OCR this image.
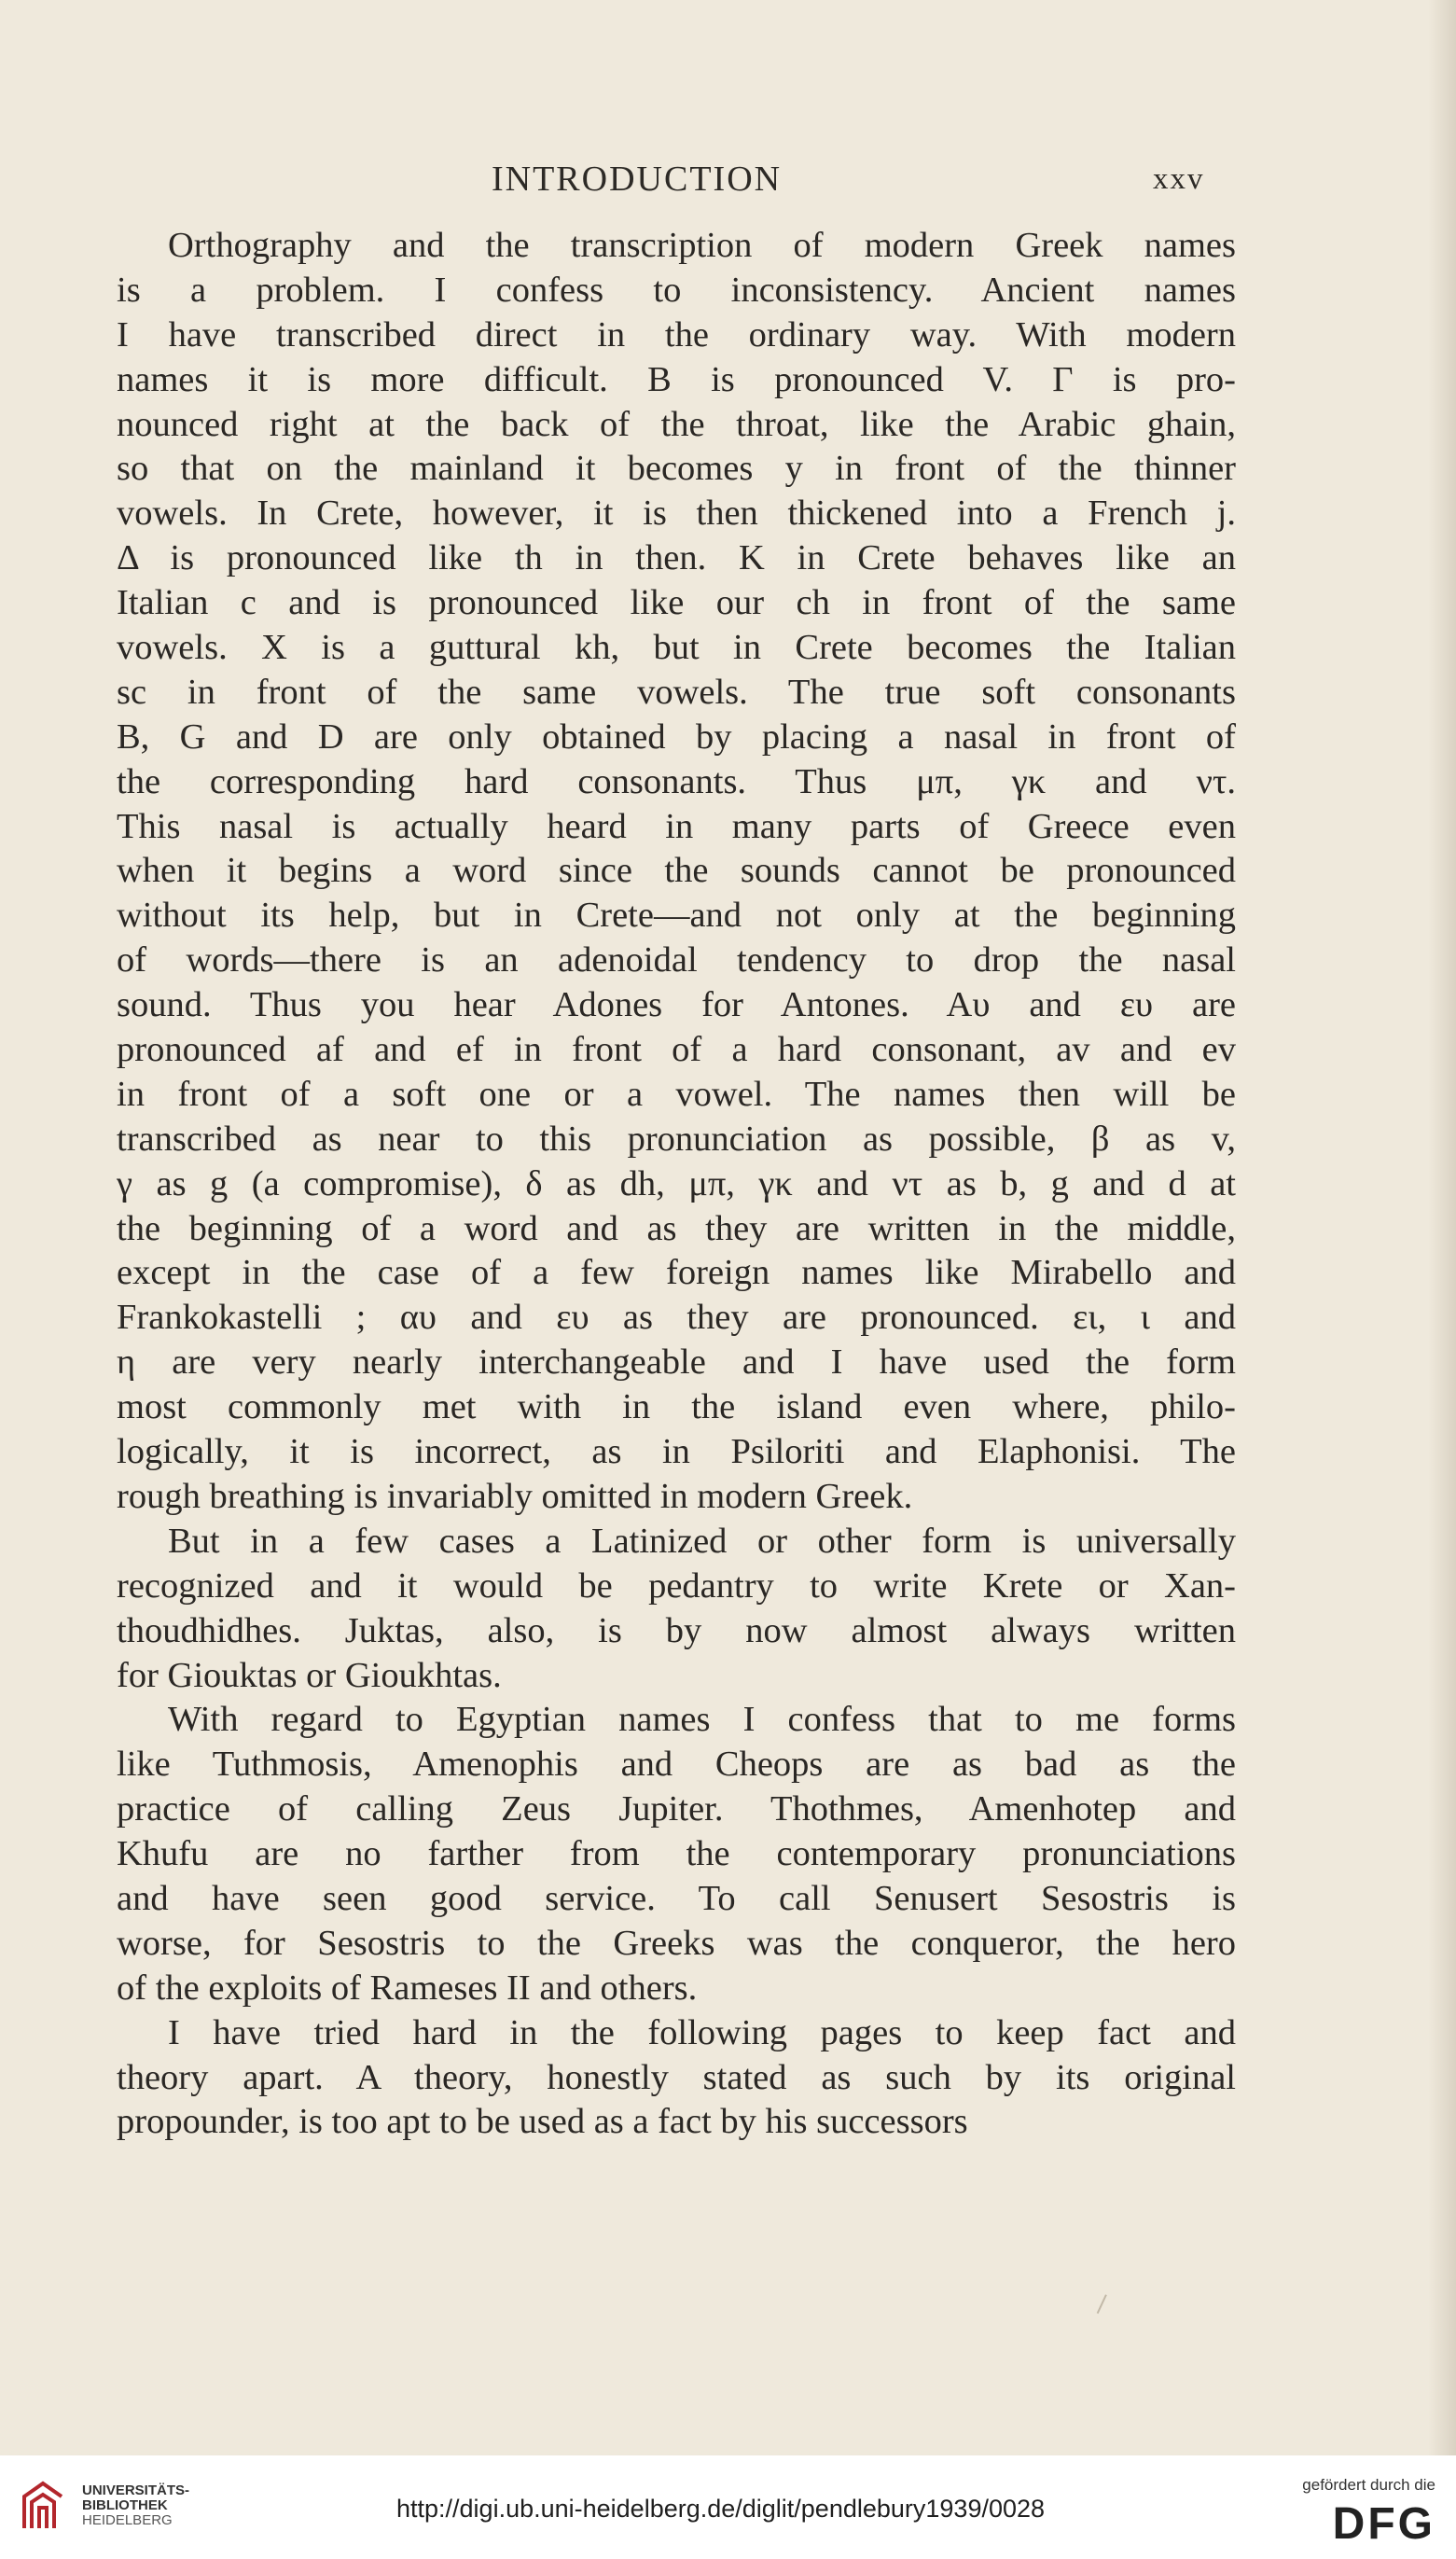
INTRODUCTION	xxv
Orthography and the transcription of modern Greek names
is a problem. I confess to inconsistency. Ancient names
I have transcribed direct in the ordinary way. With modern
names it is more difficult. B is pronounced V. Γ is pro-
nounced right at the back of the throat, like the Arabic ghain,
so that on the mainland it becomes y in front of the thinner
vowels. In Crete, however, it is then thickened into a French j.
Δ is pronounced like th in then. K in Crete behaves like an
Italian c and is pronounced like our ch in front of the same
vowels. X is a guttural kh, but in Crete becomes the Italian
sc in front of the same vowels. The true soft consonants
B, G and D are only obtained by placing a nasal in front of
the corresponding hard consonants. Thus μπ, γκ and ντ.
This nasal is actually heard in many parts of Greece even
when it begins a word since the sounds cannot be pronounced
without its help, but in Crete—and not only at the beginning
of words—there is an adenoidal tendency to drop the nasal
sound. Thus you hear Adones for Antones. Aυ and ευ are
pronounced af and ef in front of a hard consonant, av and ev
in front of a soft one or a vowel. The names then will be
transcribed as near to this pronunciation as possible, β as v,
γ as g (a compromise), δ as dh, μπ, γκ and ντ as b, g and d at
the beginning of a word and as they are written in the middle,
except in the case of a few foreign names like Mirabello and
Frankokastelli ; αυ and ευ as they are pronounced. ει, ι and
η are very nearly interchangeable and I have used the form
most commonly met with in the island even where, philo-
logically, it is incorrect, as in Psiloriti and Elaphonisi. The
rough breathing is invariably omitted in modern Greek.
But in a few cases a Latinized or other form is universally
recognized and it would be pedantry to write Krete or Xan-
thoudhidhes. Juktas, also, is by now almost always written
for Giouktas or Gioukhtas.
With regard to Egyptian names I confess that to me forms
like Tuthmosis, Amenophis and Cheops are as bad as the
practice of calling Zeus Jupiter. Thothmes, Amenhotep and
Khufu are no farther from the contemporary pronunciations
and have seen good service. To call Senusert Sesostris is
worse, for Sesostris to the Greeks was the conqueror, the hero
of the exploits of Rameses II and others.
I have tried hard in the following pages to keep fact and
theory apart. A theory, honestly stated as such by its original
propounder, is too apt to be used as a fact by his successors
UNIVERSITÄTS-
BIBLIOTHEK
HEIDELBERG	http://digi.ub.uni-heidelberg.de/diglit/pendlebury1939/0028
gefördert durch die
DFG
